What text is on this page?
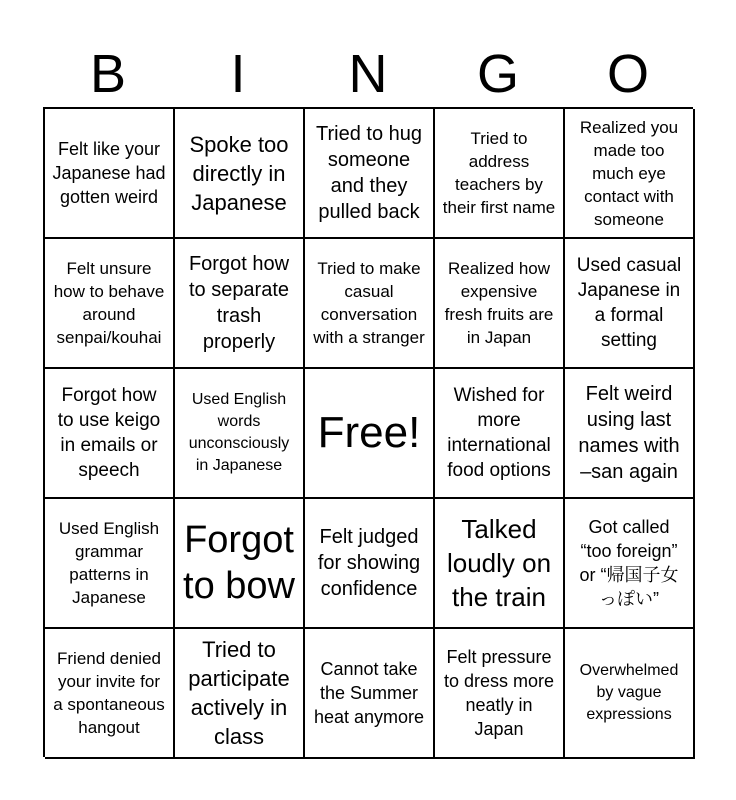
B	I	N	G	O
Felt like your Japanese had gotten weird
Spoke too directly in Japanese
Tried to hug someone and they pulled back
Tried to address teachers by their first name
Realized you made too much eye contact with someone
Felt unsure how to behave around senpai/kouhai
Forgot how to separate trash properly
Tried to make casual conversation with a stranger
Realized how expensive fresh fruits are in Japan
Used casual Japanese in a formal setting
Forgot how to use keigo in emails or speech
Used English words unconsciously in Japanese
Free!
Wished for more international food options
Felt weird using last names with –san again
Used English grammar patterns in Japanese
Forgot to bow
Felt judged for showing confidence
Talked loudly on the train
Got called “too foreign” or “帰国子女っぽい”
Friend denied your invite for a spontaneous hangout
Tried to participate actively in class
Cannot take the Summer heat anymore
Felt pressure to dress more neatly in Japan
Overwhelmed by vague expressions
